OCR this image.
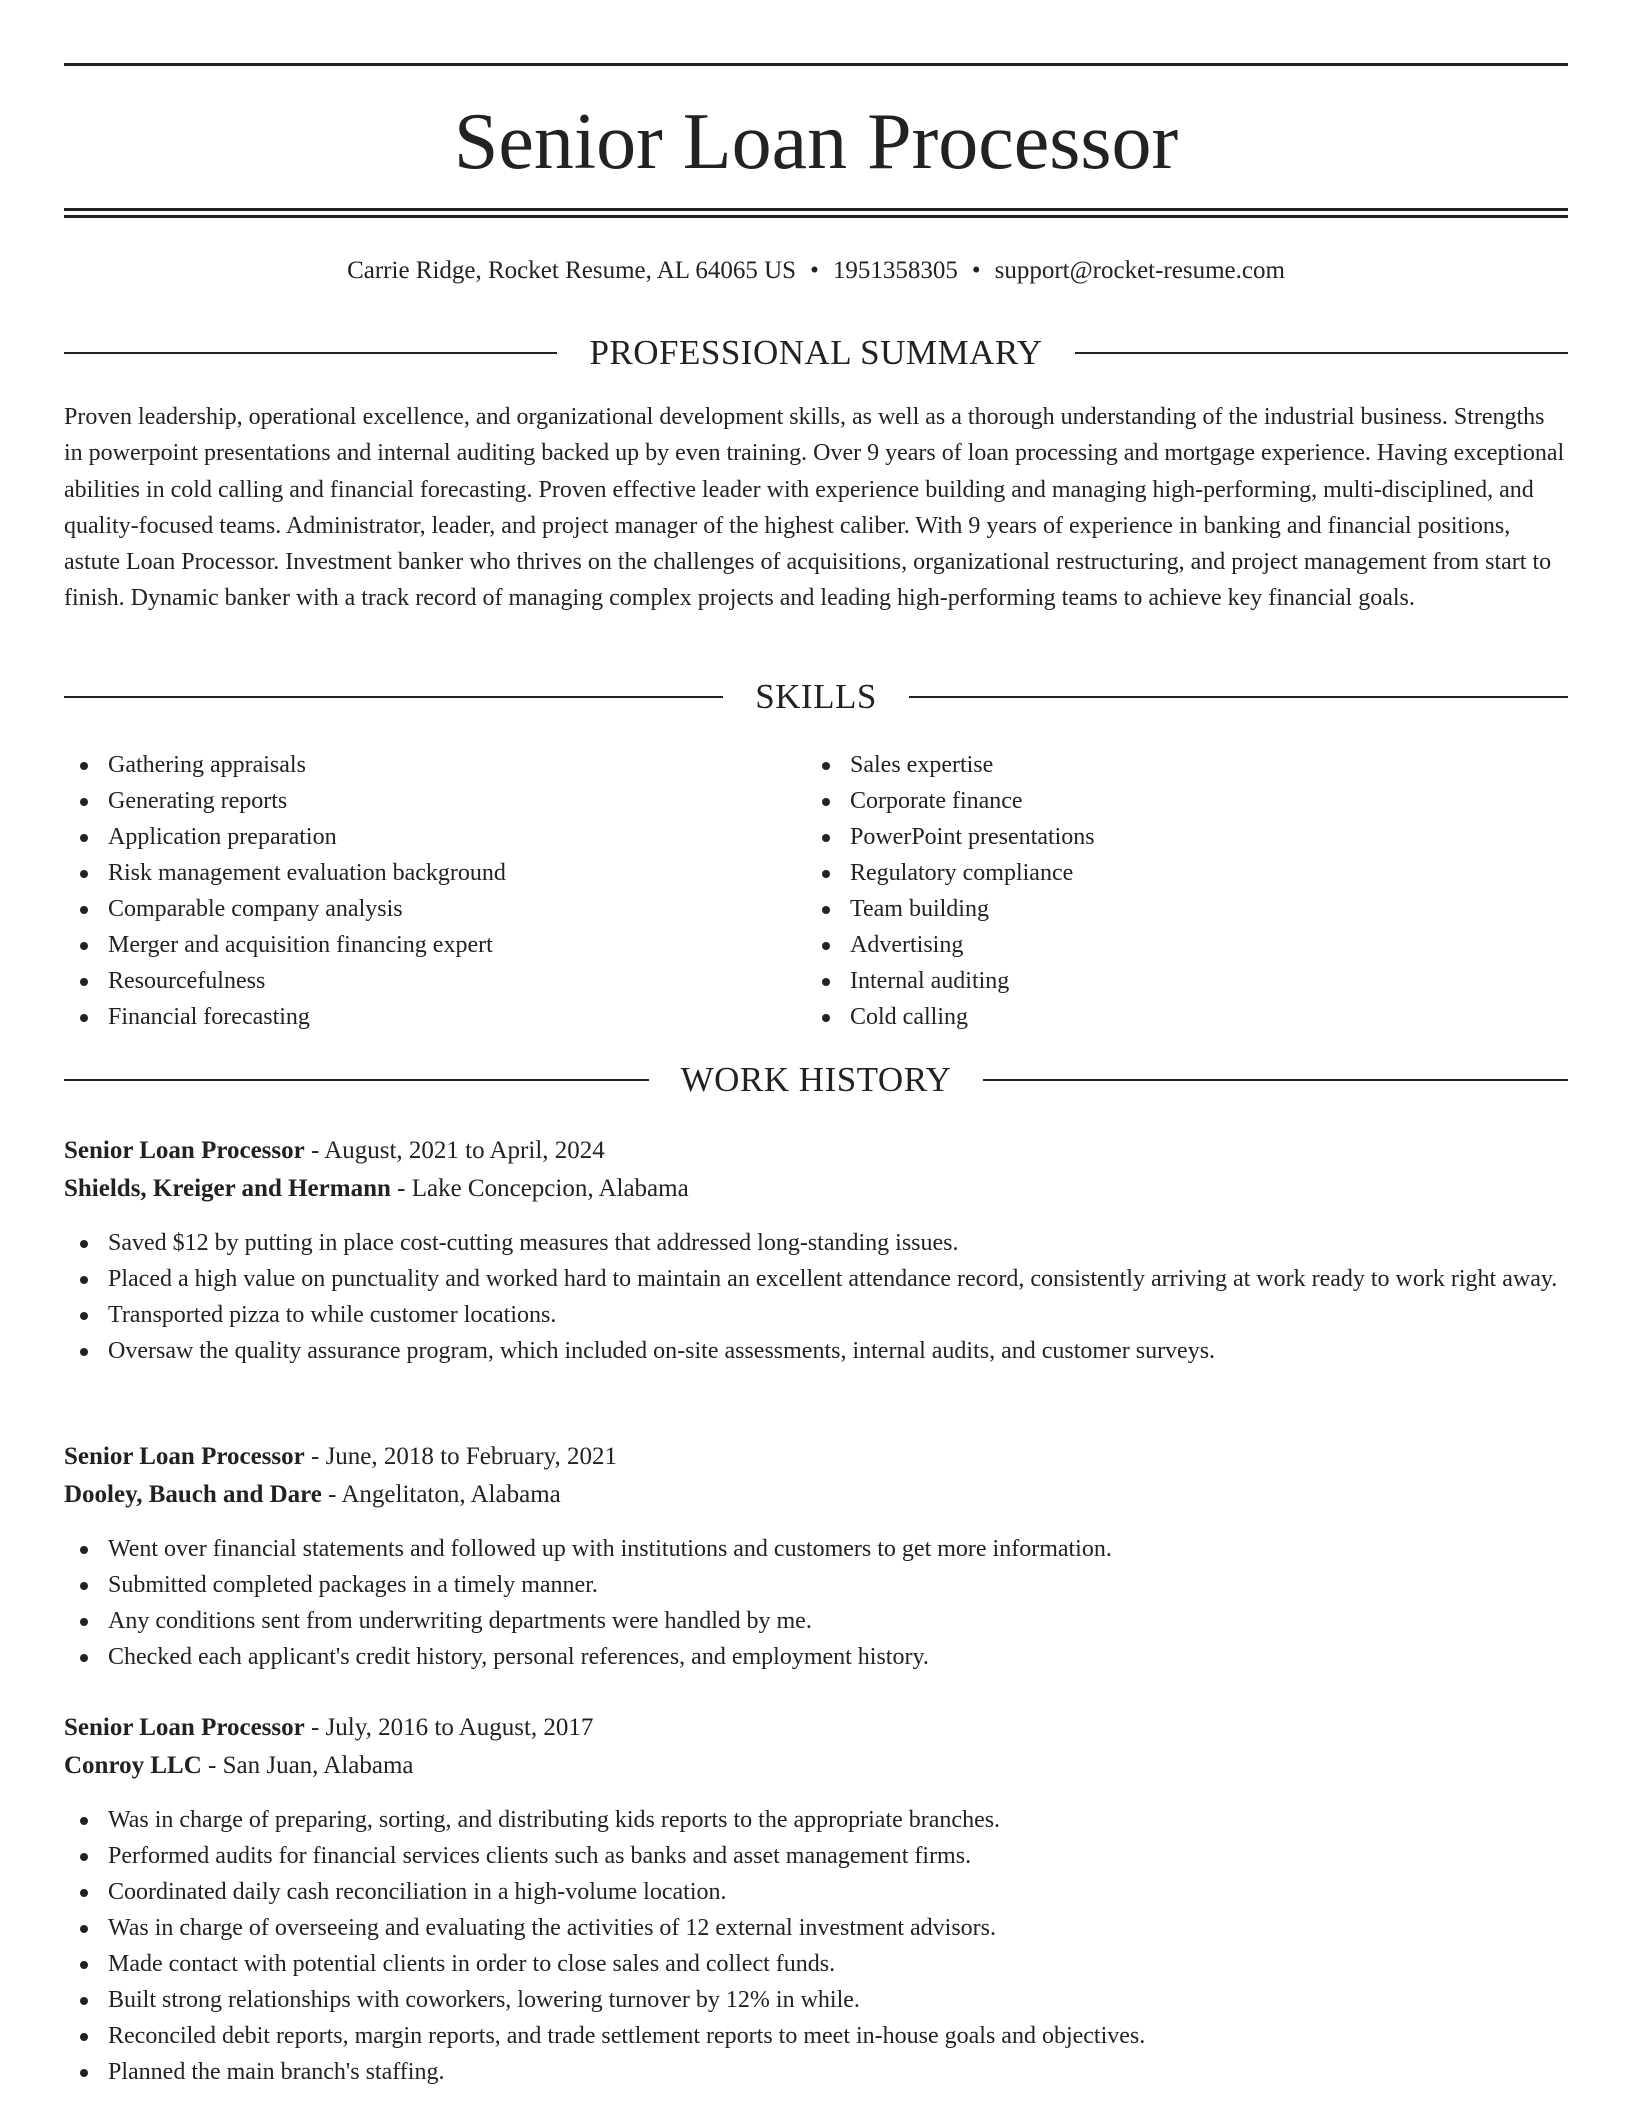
Senior Loan Processor
Carrie Ridge, Rocket Resume, AL 64065 US • 1951358305 • support@rocket-resume.com
PROFESSIONAL SUMMARY

Proven leadership, operational excellence, and organizational development skills, as well as a thorough understanding of the industrial business. Strengths in powerpoint presentations and internal auditing backed up by even training. Over 9 years of loan processing and mortgage experience. Having exceptional abilities in cold calling and financial forecasting. Proven effective leader with experience building and managing high-performing, multi-disciplined, and quality-focused teams. Administrator, leader, and project manager of the highest caliber. With 9 years of experience in banking and financial positions, astute Loan Processor. Investment banker who thrives on the challenges of acquisitions, organizational restructuring, and project management from start to finish. Dynamic banker with a track record of managing complex projects and leading high-performing teams to achieve key financial goals.

SKILLS
Gathering appraisals
Generating reports
Application preparation
Risk management evaluation background
Comparable company analysis
Merger and acquisition financing expert
Resourcefulness
Financial forecasting
Sales expertise
Corporate finance
PowerPoint presentations
Regulatory compliance
Team building
Advertising
Internal auditing
Cold calling
WORK HISTORY
Senior Loan Processor - August, 2021 to April, 2024
Shields, Kreiger and Hermann - Lake Concepcion, Alabama
Saved $12 by putting in place cost-cutting measures that addressed long-standing issues.
Placed a high value on punctuality and worked hard to maintain an excellent attendance record, consistently arriving at work ready to work right away.
Transported pizza to while customer locations.
Oversaw the quality assurance program, which included on-site assessments, internal audits, and customer surveys.
Senior Loan Processor - June, 2018 to February, 2021
Dooley, Bauch and Dare - Angelitaton, Alabama
Went over financial statements and followed up with institutions and customers to get more information.
Submitted completed packages in a timely manner.
Any conditions sent from underwriting departments were handled by me.
Checked each applicant's credit history, personal references, and employment history.
Senior Loan Processor - July, 2016 to August, 2017
Conroy LLC - San Juan, Alabama
Was in charge of preparing, sorting, and distributing kids reports to the appropriate branches.
Performed audits for financial services clients such as banks and asset management firms.
Coordinated daily cash reconciliation in a high-volume location.
Was in charge of overseeing and evaluating the activities of 12 external investment advisors.
Made contact with potential clients in order to close sales and collect funds.
Built strong relationships with coworkers, lowering turnover by 12% in while.
Reconciled debit reports, margin reports, and trade settlement reports to meet in-house goals and objectives.
Planned the main branch's staffing.
